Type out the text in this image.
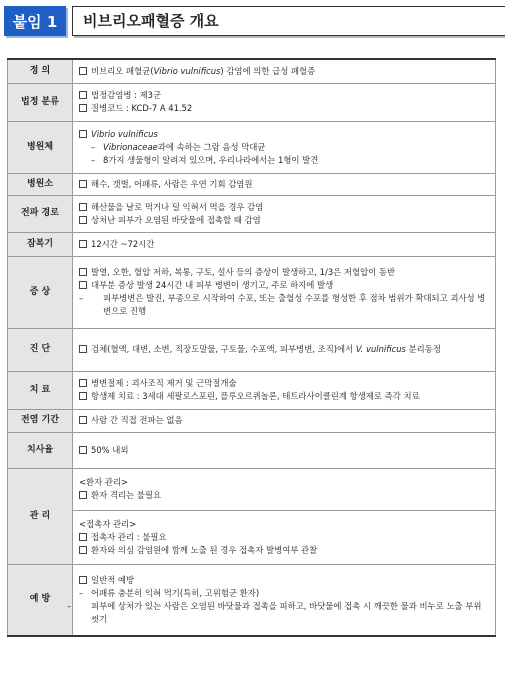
붙임 1	비브리오패혈증 개요
정 의	비브리오 패혈균(Vibrio vulnificus) 감염에 의한 급성 패혈증

법정 분류	법정감염병 : 제3군
질병코드 : KCD-7 A 41.52

병원체	Vibrio vulnificus
– Vibrionaceae과에 속하는 그람 음성 막대균
– 8가지 생물형이 알려져 있으며, 우리나라에서는 1형이 발견

병원소	해수, 갯벌, 어패류, 사람은 우연 기회 감염원

전파 경로	해산물을 날로 먹거나 덜 익혀서 먹을 경우 감염
상처난 피부가 오염된 바닷물에 접촉할 때 감염

잠복기	12시간 ~72시간

증 상	발열, 오한, 혈압 저하, 복통, 구토, 설사 등의 증상이 발생하고, 1/3은 저혈압이 동반
대부분 증상 발생 24시간 내 피부 병변이 생기고, 주로 하지에 발생
– 피부병변은 발진, 부종으로 시작하여 수포, 또는 출혈성 수포를 형성한 후 점차 범위가 확대되고 괴사성 병변으로 진행

진 단	검체(혈액, 대변, 소변, 직장도말물, 구토물, 수포액, 피부병변, 조직)에서 V. vulnificus 분리동정

치 료	병변절제 : 괴사조직 제거 및 근막절개술
항생제 치료 : 3세대 세팔로스포린, 플루오르퀴놀론, 테트라사이클린계 항생제로 즉각 치료

전염 기간	사람 간 직접 전파는 없음

치사율	50% 내외

관 리	<환자 관리>
환자 격리는 불필요

	<접촉자 관리>
접촉자 관리 : 불필요
환자와 의심 감염원에 함께 노출 된 경우 접촉자 발병여부 관찰

예 방	일반적 예방
– 어패류 충분히 익혀 먹기(특히, 고위험군 환자)
– 피부에 상처가 있는 사람은 오염된 바닷물과 접촉을 피하고, 바닷물에 접촉 시 깨끗한 물과 비누로 노출 부위 씻기
